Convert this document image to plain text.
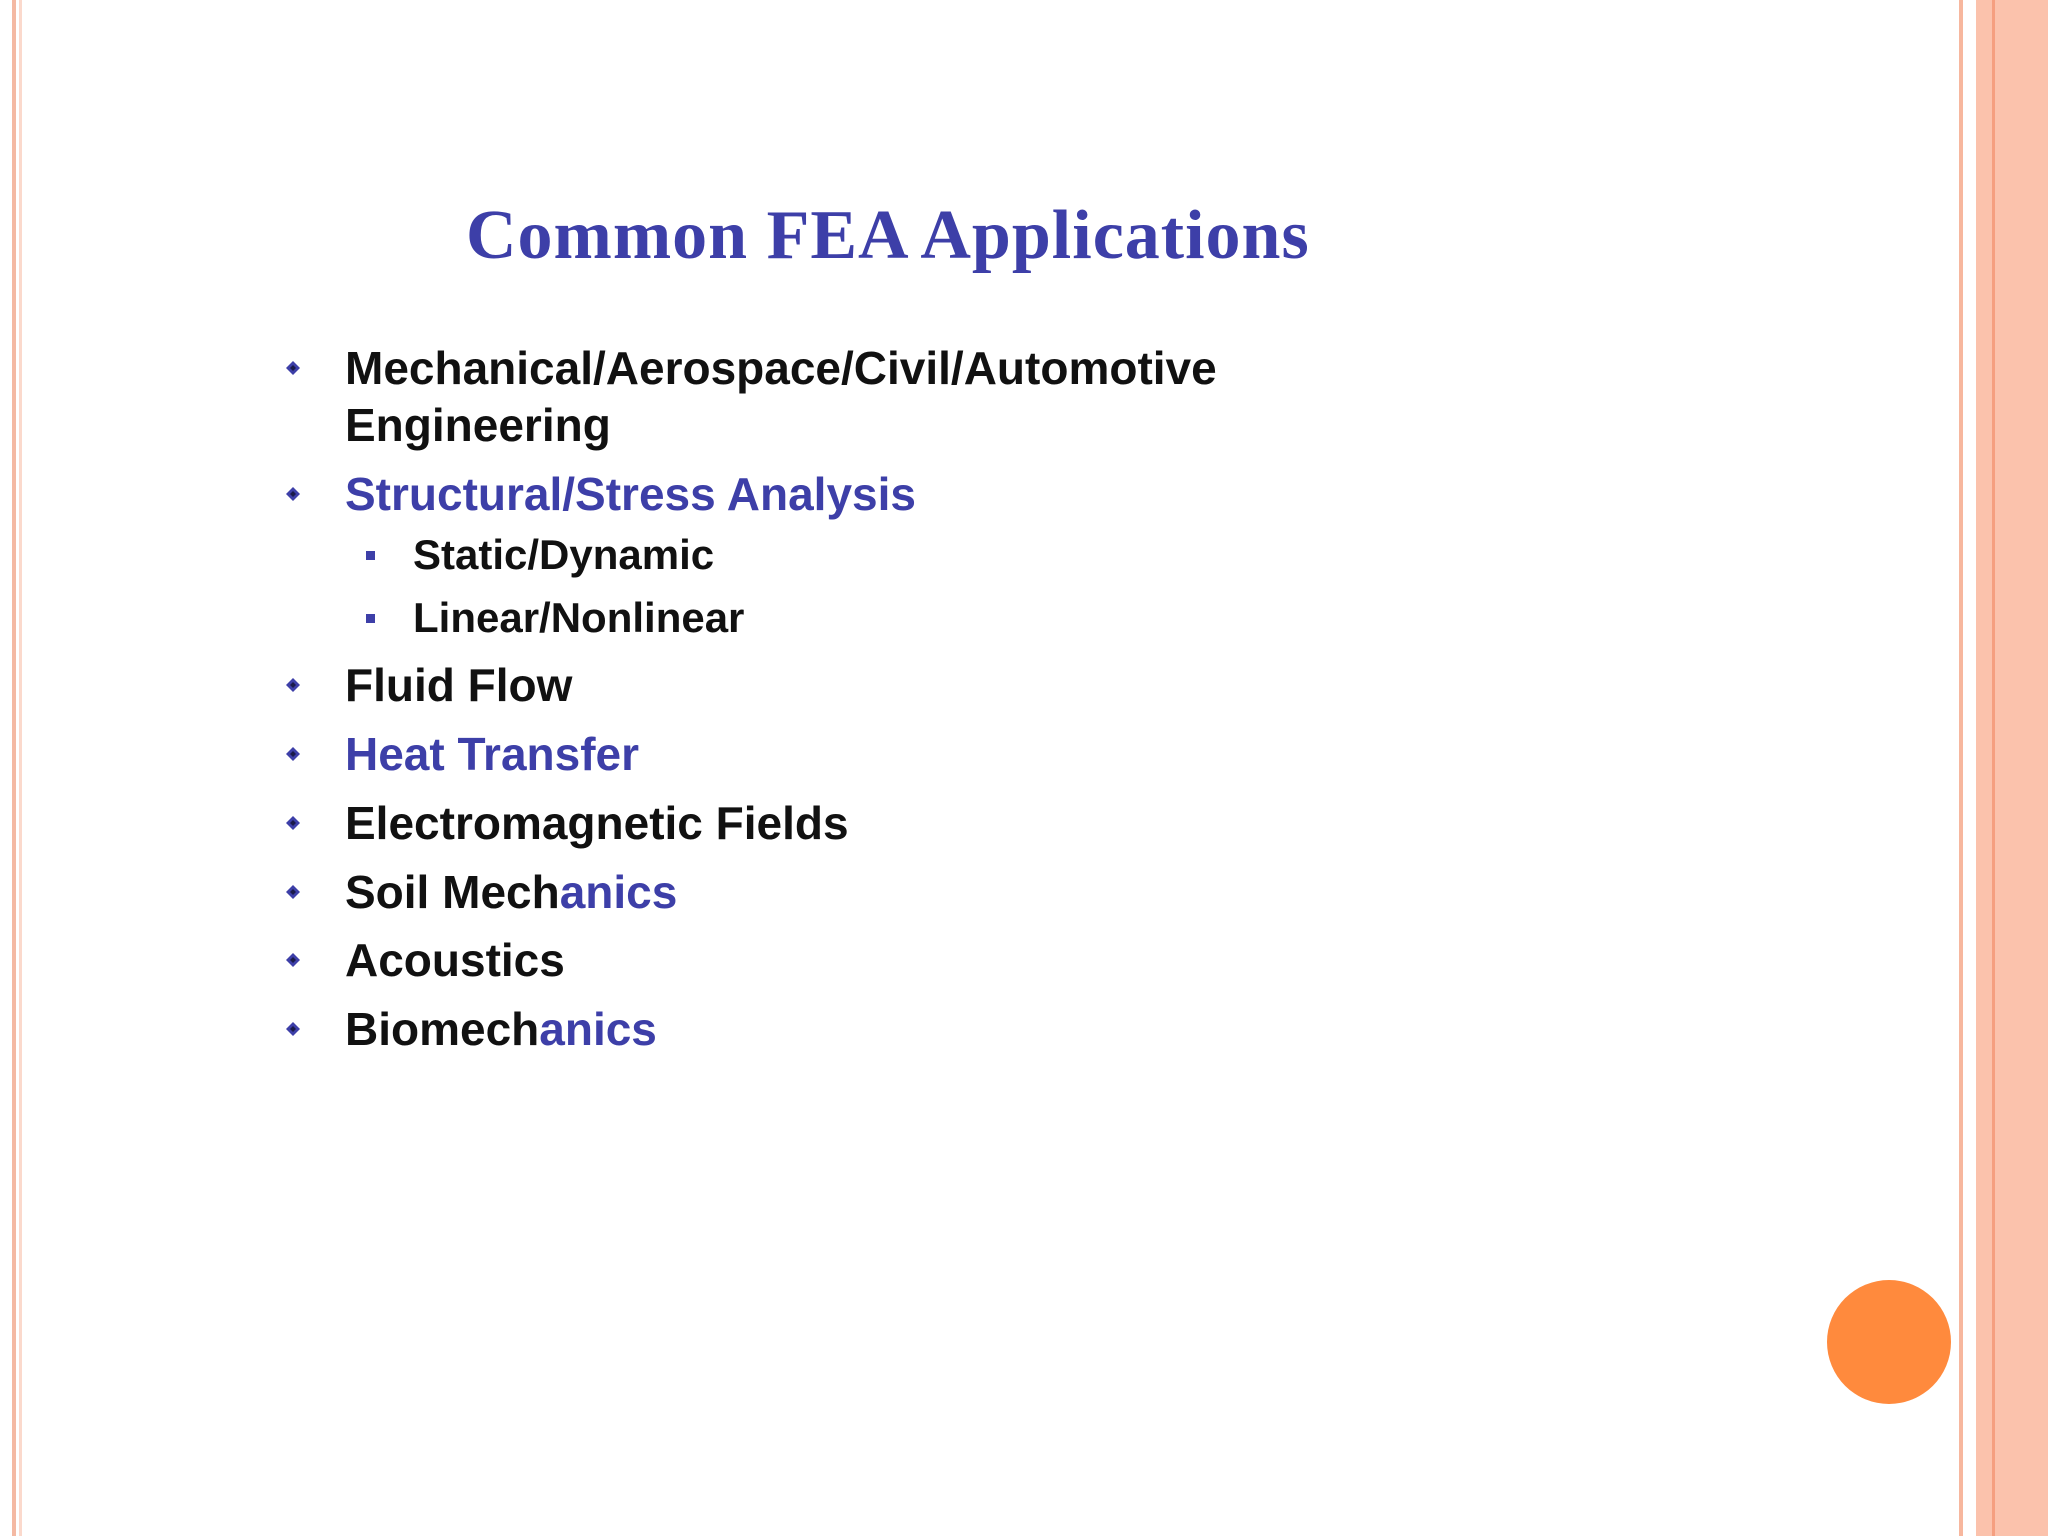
Common FEA Applications
Mechanical/Aerospace/Civil/Automotive
Engineering
Structural/Stress Analysis
Static/Dynamic
Linear/Nonlinear
Fluid Flow
Heat Transfer
Electromagnetic Fields
Soil Mechanics
Acoustics
Biomechanics
